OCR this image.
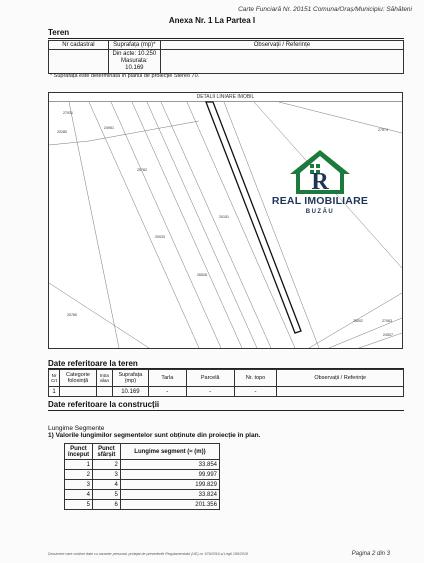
Carte Funciară Nr. 20151 Comuna/Oraș/Municipiu: Săhăteni
Anexa Nr. 1 La Partea I
Teren
Nr cadastral	Suprafața (mp)*	Observații / Referințe

	Din acte: 10.250
Masurata:
10.169	

* Suprafața este determinată în planul de proiecție Stereo 70.
DETALII LINIARE IMOBIL
27931
20280
24951
25782
27574
20033
20151
26528
27063
25002
20780
24507
R
REAL IMOBILIARE
BUZĂU
Date referitoare la teren
Nr Crt	Categorie folosință	Intra vilan	Suprafața (mp)	Tarla	Parcelă	Nr. topo	Observații / Referințe
1			10.169	-	-	-	
Date referitoare la construcții
Lungime Segmente
1) Valorile lungimilor segmentelor sunt obținute din proiecție în plan.
Punct început	Punct sfârșit	Lungime segment (≈ (m))
1	2	33.854
2	3	99.997
3	4	199.829
4	5	33.824
5	6	201.356
Document care conține date cu caracter personal, protejat de prevederile Regulamentului (UE) nr. 679/2016 și Legii 190/2018	Pagina 2 din 3
